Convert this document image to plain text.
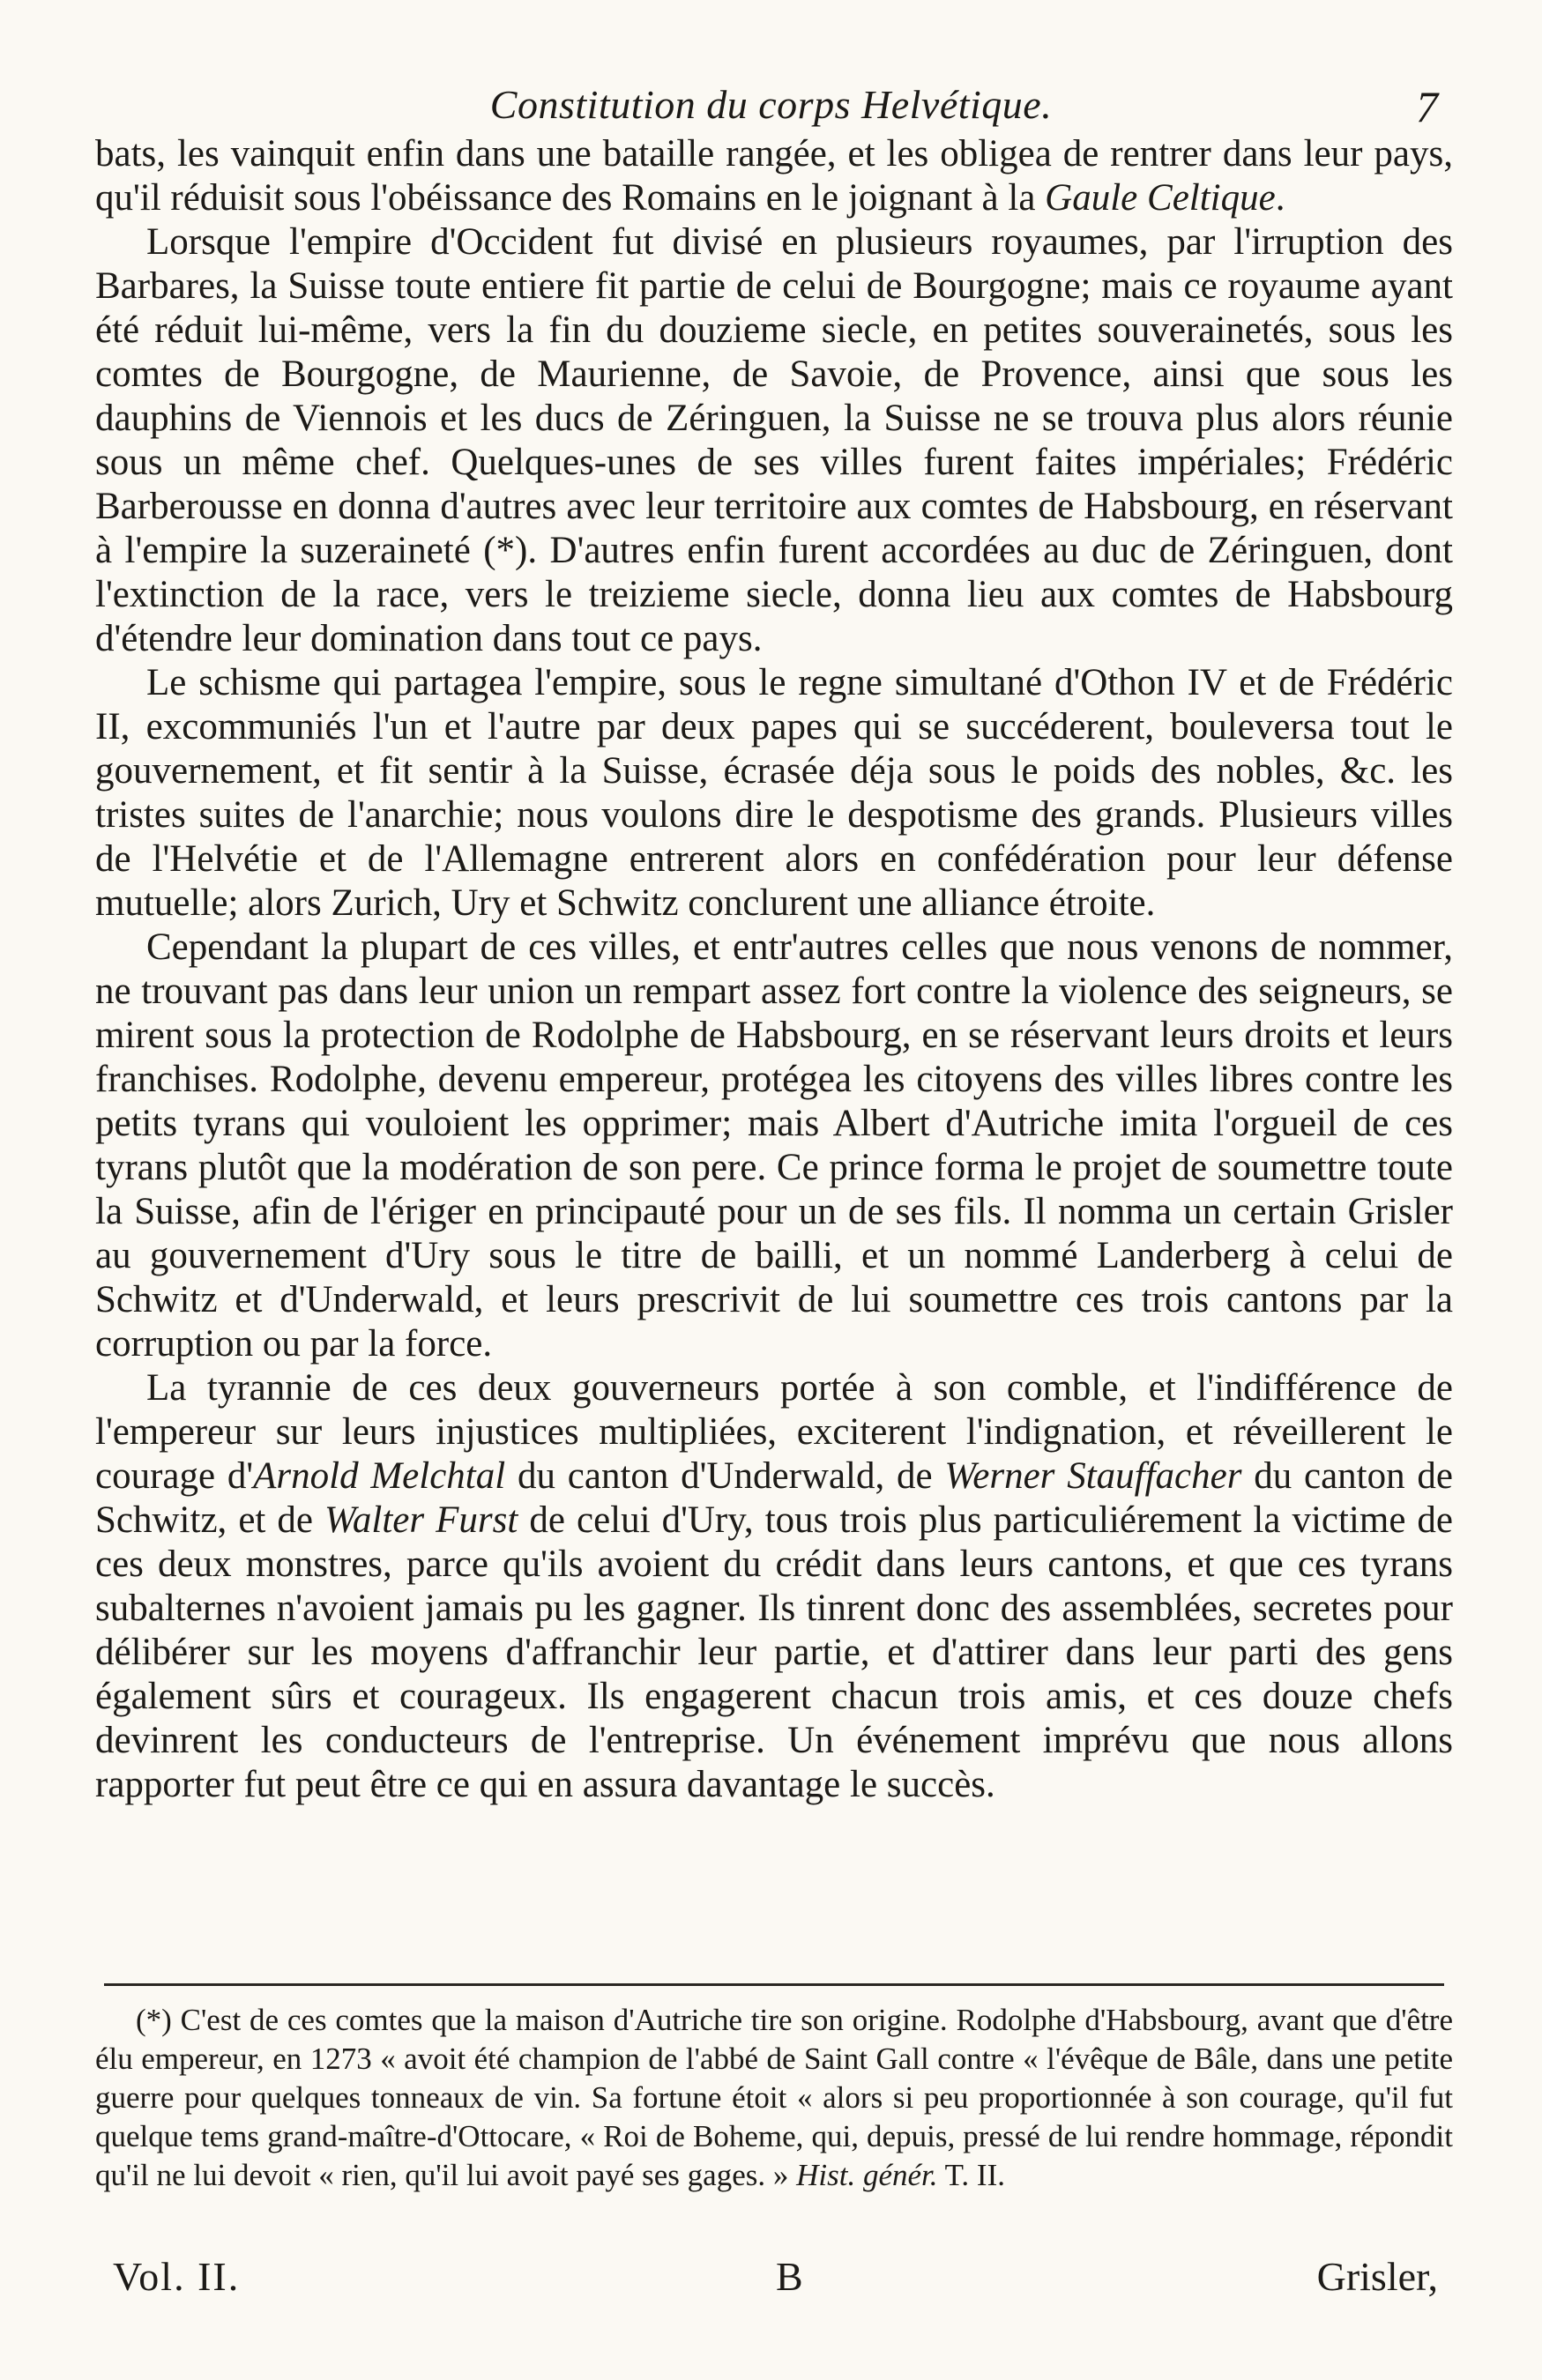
Constitution du corps Helvétique.	7

bats, les vainquit enfin dans une bataille rangée, et les obligea de rentrer dans leur pays, qu'il réduisit sous l'obéissance des Romains en le joignant à la Gaule Celtique.

Lorsque l'empire d'Occident fut divisé en plusieurs royaumes, par l'irruption des Barbares, la Suisse toute entiere fit partie de celui de Bourgogne; mais ce royaume ayant été réduit lui-même, vers la fin du douzieme siecle, en petites souverainetés, sous les comtes de Bourgogne, de Maurienne, de Savoie, de Provence, ainsi que sous les dauphins de Viennois et les ducs de Zéringuen, la Suisse ne se trouva plus alors réunie sous un même chef. Quelques-unes de ses villes furent faites impériales; Frédéric Barberousse en donna d'autres avec leur territoire aux comtes de Habsbourg, en réservant à l'empire la suzeraineté (*). D'autres enfin furent accordées au duc de Zéringuen, dont l'extinction de la race, vers le treizieme siecle, donna lieu aux comtes de Habsbourg d'étendre leur domination dans tout ce pays.

Le schisme qui partagea l'empire, sous le regne simultané d'Othon IV et de Frédéric II, excommuniés l'un et l'autre par deux papes qui se succéderent, bouleversa tout le gouvernement, et fit sentir à la Suisse, écrasée déja sous le poids des nobles, &c. les tristes suites de l'anarchie; nous voulons dire le despotisme des grands. Plusieurs villes de l'Helvétie et de l'Allemagne entrerent alors en confédération pour leur défense mutuelle; alors Zurich, Ury et Schwitz conclurent une alliance étroite.

Cependant la plupart de ces villes, et entr'autres celles que nous venons de nommer, ne trouvant pas dans leur union un rempart assez fort contre la violence des seigneurs, se mirent sous la protection de Rodolphe de Habsbourg, en se réservant leurs droits et leurs franchises. Rodolphe, devenu empereur, protégea les citoyens des villes libres contre les petits tyrans qui vouloient les opprimer; mais Albert d'Autriche imita l'orgueil de ces tyrans plutôt que la modération de son pere. Ce prince forma le projet de soumettre toute la Suisse, afin de l'ériger en principauté pour un de ses fils. Il nomma un certain Grisler au gouvernement d'Ury sous le titre de bailli, et un nommé Landerberg à celui de Schwitz et d'Underwald, et leurs prescrivit de lui soumettre ces trois cantons par la corruption ou par la force.

La tyrannie de ces deux gouverneurs portée à son comble, et l'indifférence de l'empereur sur leurs injustices multipliées, exciterent l'indignation, et réveillerent le courage d'Arnold Melchtal du canton d'Underwald, de Werner Stauffacher du canton de Schwitz, et de Walter Furst de celui d'Ury, tous trois plus particuliérement la victime de ces deux monstres, parce qu'ils avoient du crédit dans leurs cantons, et que ces tyrans subalternes n'avoient jamais pu les gagner. Ils tinrent donc des assemblées, secretes pour délibérer sur les moyens d'affranchir leur partie, et d'attirer dans leur parti des gens également sûrs et courageux. Ils engagerent chacun trois amis, et ces douze chefs devinrent les conducteurs de l'entreprise. Un événement imprévu que nous allons rapporter fut peut être ce qui en assura davantage le succès.

(*) C'est de ces comtes que la maison d'Autriche tire son origine. Rodolphe d'Habsbourg, avant que d'être élu empereur, en 1273 « avoit été champion de l'abbé de Saint Gall contre « l'évêque de Bâle, dans une petite guerre pour quelques tonneaux de vin. Sa fortune étoit « alors si peu proportionnée à son courage, qu'il fut quelque tems grand-maître-d'Ottocare, « Roi de Boheme, qui, depuis, pressé de lui rendre hommage, répondit qu'il ne lui devoit « rien, qu'il lui avoit payé ses gages. » Hist. génér. T. II.

Vol. II.	B	Grisler,
